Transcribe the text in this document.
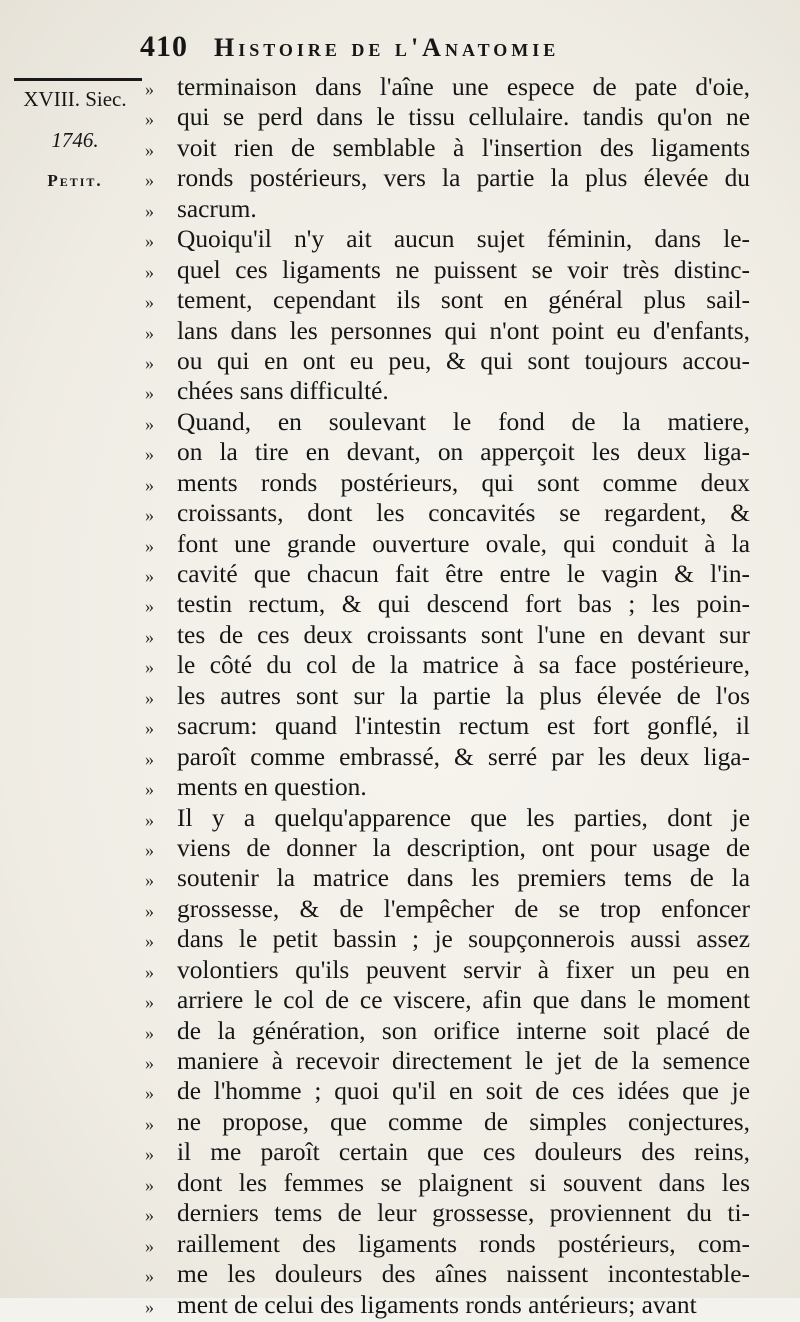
410 Histoire de l'Anatomie
XVIII. Siec.
1746.
Petit.
» terminaison dans l'aîne une espece de pate d'oie,
» qui se perd dans le tissu cellulaire. tandis qu'on ne
» voit rien de semblable à l'insertion des ligaments
» ronds postérieurs, vers la partie la plus élevée du
» sacrum.
» Quoiqu'il n'y ait aucun sujet féminin, dans le-
» quel ces ligaments ne puissent se voir très distinc-
» tement, cependant ils sont en général plus sail-
» lans dans les personnes qui n'ont point eu d'enfants,
» ou qui en ont eu peu, & qui sont toujours accou-
» chées sans difficulté.
» Quand, en soulevant le fond de la matiere,
» on la tire en devant, on apperçoit les deux liga-
» ments ronds postérieurs, qui sont comme deux
» croissants, dont les concavités se regardent, &
» font une grande ouverture ovale, qui conduit à la
» cavité que chacun fait être entre le vagin & l'in-
» testin rectum, & qui descend fort bas ; les poin-
» tes de ces deux croissants sont l'une en devant sur
» le côté du col de la matrice à sa face postérieure,
» les autres sont sur la partie la plus élevée de l'os
» sacrum: quand l'intestin rectum est fort gonflé, il
» paroît comme embrassé, & serré par les deux liga-
» ments en question.
» Il y a quelqu'apparence que les parties, dont je
» viens de donner la description, ont pour usage de
» soutenir la matrice dans les premiers tems de la
» grossesse, & de l'empêcher de se trop enfoncer
» dans le petit bassin ; je soupçonnerois aussi assez
» volontiers qu'ils peuvent servir à fixer un peu en
» arriere le col de ce viscere, afin que dans le moment
» de la génération, son orifice interne soit placé de
» maniere à recevoir directement le jet de la semence
» de l'homme ; quoi qu'il en soit de ces idées que je
» ne propose, que comme de simples conjectures,
» il me paroît certain que ces douleurs des reins,
» dont les femmes se plaignent si souvent dans les
» derniers tems de leur grossesse, proviennent du ti-
» raillement des ligaments ronds postérieurs, com-
» me les douleurs des aînes naissent incontestable-
» ment de celui des ligaments ronds antérieurs; avant
